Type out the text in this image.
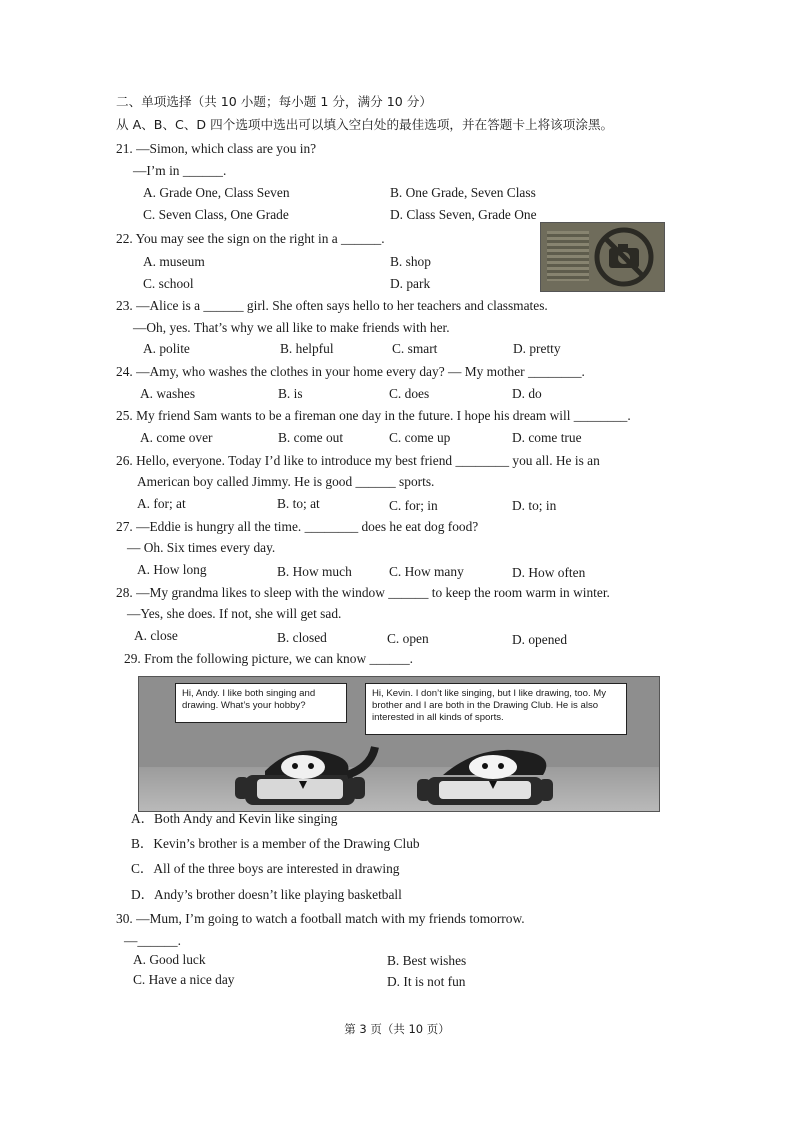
二、单项选择（共 10 小题；每小题 1 分，满分 10 分）
从 A、B、C、D 四个选项中选出可以填入空白处的最佳选项，并在答题卡上将该项涂黑。
21. —Simon, which class are you in?
—I’m in ______.
A. Grade One, Class Seven	B. One Grade, Seven Class
C. Seven Class, One Grade	D. Class Seven, Grade One
22. You may see the sign on the right in a ______.
A. museum	B. shop
C. school	D. park
23. —Alice is a ______ girl. She often says hello to her teachers and classmates.
—Oh, yes. That’s why we all like to make friends with her.
A. polite	B. helpful	C. smart	D. pretty
24. —Amy, who washes the clothes in your home every day? — My mother ________.
A. washes	B. is	C. does	D. do
25. My friend Sam wants to be a fireman one day in the future. I hope his dream will ________.
A. come over	B. come out	C. come up	D. come true
26. Hello, everyone. Today I’d like to introduce my best friend ________ you all. He is an
American boy called Jimmy. He is good ______ sports.
A. for; at	B. to; at	C. for; in	D. to; in
27. —Eddie is hungry all the time. ________ does he eat dog food?
— Oh. Six times every day.
A. How long	B. How much	C. How many	D. How often
28. —My grandma likes to sleep with the window ______ to keep the room warm in winter.
—Yes, she does. If not, she will get sad.
A. close	B. closed	C. open	D. opened
29. From the following picture, we can know ______.
Hi, Andy. I like both singing and drawing. What’s your hobby?
Hi, Kevin. I don’t like singing, but I like drawing, too. My brother and I are both in the Drawing Club. He is also interested in all kinds of sports.
A．Both Andy and Kevin like singing
B．Kevin’s brother is a member of the Drawing Club
C．All of the three boys are interested in drawing
D．Andy’s brother doesn’t like playing basketball
30. —Mum, I’m going to watch a football match with my friends tomorrow.
—______.
A. Good luck	B. Best wishes
C. Have a nice day	D. It is not fun
第 3 页（共 10 页）
